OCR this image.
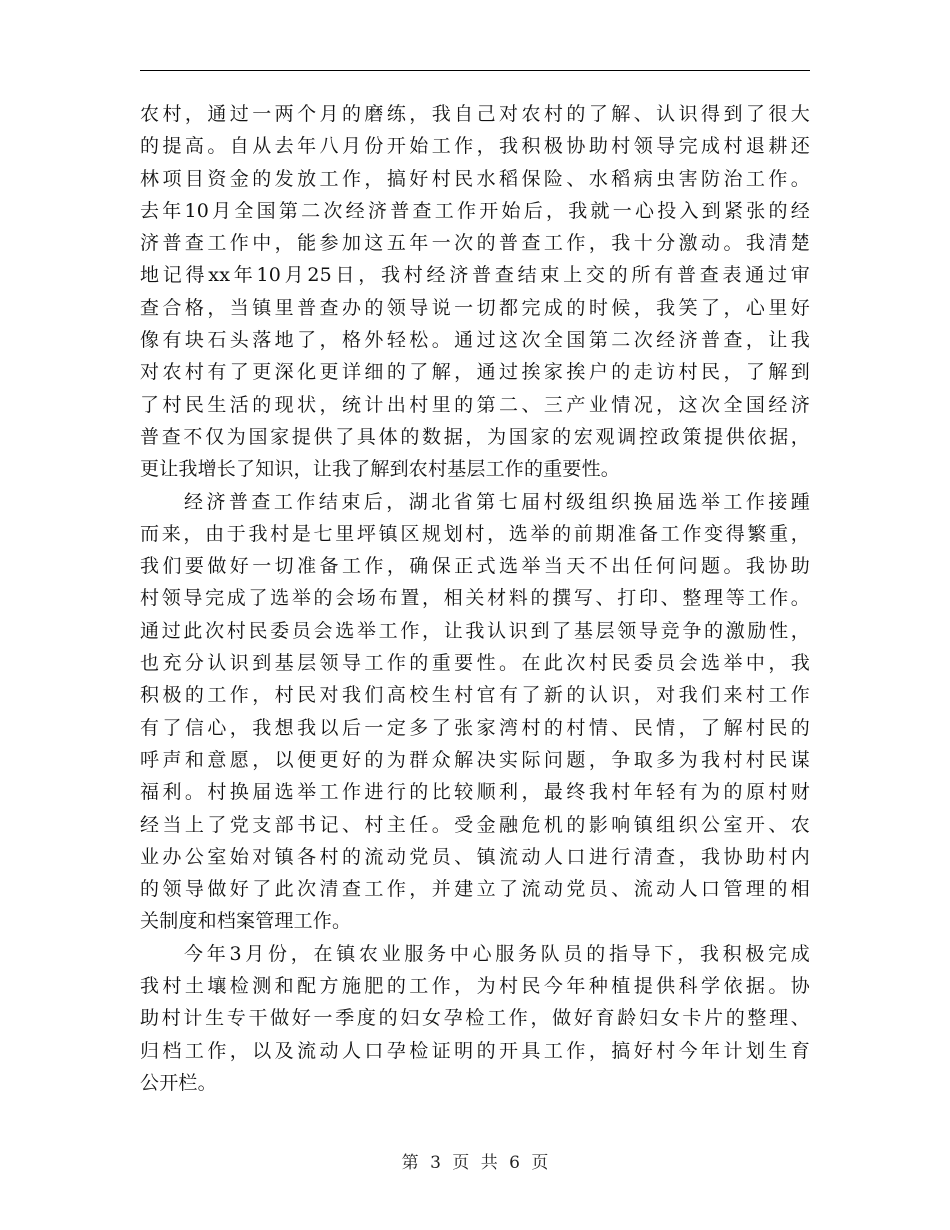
农村，通过一两个月的磨练，我自己对农村的了解、认识得到了很大
的提高。自从去年八月份开始工作，我积极协助村领导完成村退耕还
林项目资金的发放工作，搞好村民水稻保险、水稻病虫害防治工作。
去年10月全国第二次经济普查工作开始后，我就一心投入到紧张的经
济普查工作中，能参加这五年一次的普查工作，我十分激动。我清楚
地记得xx年10月25日，我村经济普查结束上交的所有普查表通过审
查合格，当镇里普查办的领导说一切都完成的时候，我笑了，心里好
像有块石头落地了，格外轻松。通过这次全国第二次经济普查，让我
对农村有了更深化更详细的了解，通过挨家挨户的走访村民，了解到
了村民生活的现状，统计出村里的第二、三产业情况，这次全国经济
普查不仅为国家提供了具体的数据，为国家的宏观调控政策提供依据，
更让我增长了知识，让我了解到农村基层工作的重要性。
经济普查工作结束后，湖北省第七届村级组织换届选举工作接踵
而来，由于我村是七里坪镇区规划村，选举的前期准备工作变得繁重，
我们要做好一切准备工作，确保正式选举当天不出任何问题。我协助
村领导完成了选举的会场布置，相关材料的撰写、打印、整理等工作。
通过此次村民委员会选举工作，让我认识到了基层领导竞争的激励性，
也充分认识到基层领导工作的重要性。在此次村民委员会选举中，我
积极的工作，村民对我们高校生村官有了新的认识，对我们来村工作
有了信心，我想我以后一定多了张家湾村的村情、民情，了解村民的
呼声和意愿，以便更好的为群众解决实际问题，争取多为我村村民谋
福利。村换届选举工作进行的比较顺利，最终我村年轻有为的原村财
经当上了党支部书记、村主任。受金融危机的影响镇组织公室开、农
业办公室始对镇各村的流动党员、镇流动人口进行清查，我协助村内
的领导做好了此次清查工作，并建立了流动党员、流动人口管理的相
关制度和档案管理工作。
今年3月份，在镇农业服务中心服务队员的指导下，我积极完成
我村土壤检测和配方施肥的工作，为村民今年种植提供科学依据。协
助村计生专干做好一季度的妇女孕检工作，做好育龄妇女卡片的整理、
归档工作，以及流动人口孕检证明的开具工作，搞好村今年计划生育
公开栏。
第 3 页 共 6 页
